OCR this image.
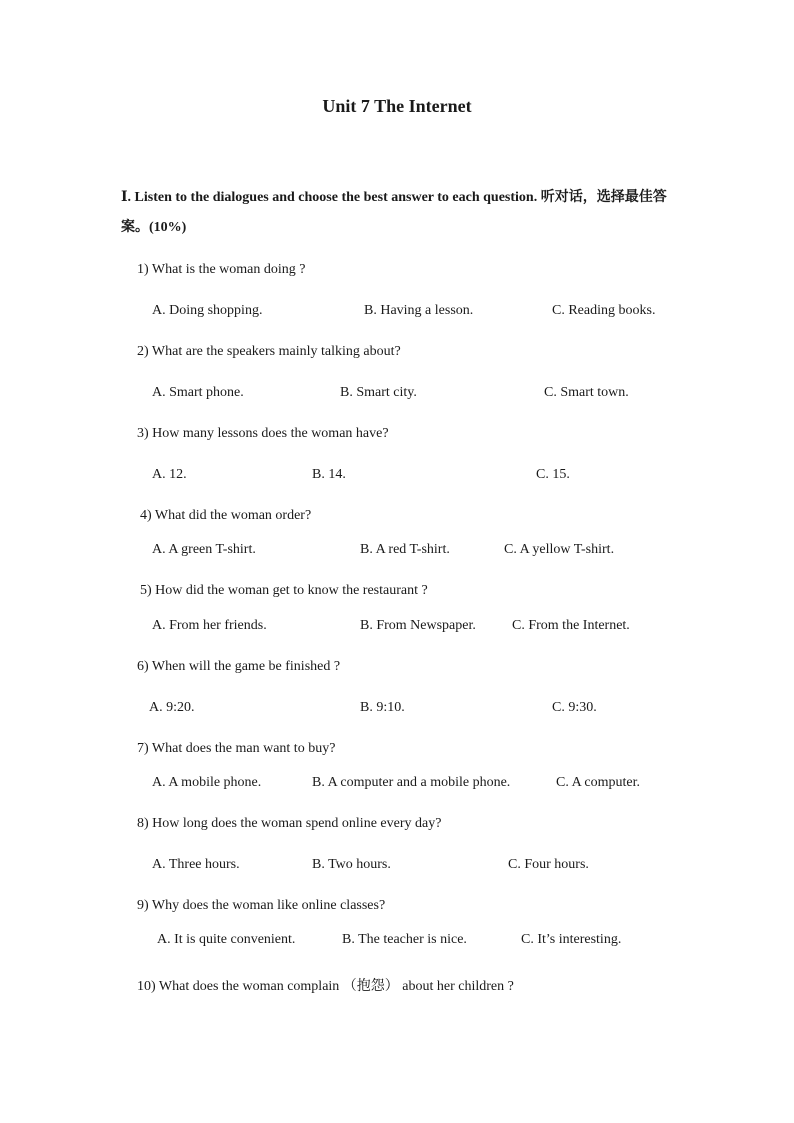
Unit 7 The Internet
Ⅰ. Listen to the dialogues and choose the best answer to each question. 听对话，选择最佳答案。(10%)
1) What is the woman doing ?
A. Doing shopping.	B. Having a lesson.	C. Reading books.
2) What are the speakers mainly talking about?
A. Smart phone.	B. Smart city.	C. Smart town.
3) How many lessons does the woman have?
A. 12.	B. 14.	C. 15.
4) What did the woman order?
A. A green T-shirt.	B. A red T-shirt.	C. A yellow T-shirt.
5) How did the woman get to know the restaurant ?
A. From her friends.	B. From Newspaper.	C. From the Internet.
6) When will the game be finished ?
A. 9:20.	B. 9:10.	C. 9:30.
7) What does the man want to buy?
A. A mobile phone.	B. A computer and a mobile phone.	C. A computer.
8) How long does the woman spend online every day?
A. Three hours.	B. Two hours.	C. Four hours.
9) Why does the woman like online classes?
A. It is quite convenient.	B. The teacher is nice.	C. It’s interesting.
10) What does the woman complain （抱怨） about her children ?
